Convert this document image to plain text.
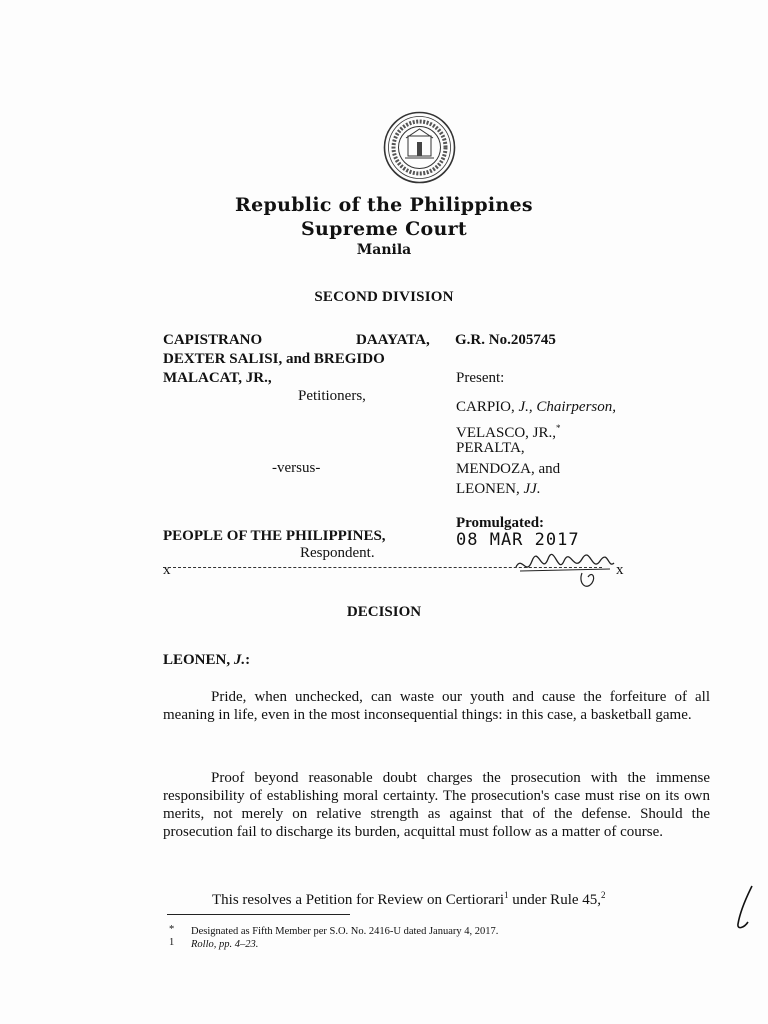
Republic of the Philippines
Supreme Court
Manila
SECOND DIVISION
CAPISTRANO	DAAYATA,
DEXTER SALISI, and BREGIDO
MALACAT, JR.,
Petitioners,
-versus-
PEOPLE OF THE PHILIPPINES,
Respondent.
G.R. No.205745
Present:
CARPIO, J., Chairperson,
VELASCO, JR.,*
PERALTA,
MENDOZA, and
LEONEN, JJ.
Promulgated:
08 MAR 2017
x	x
DECISION
LEONEN, J.:
Pride, when unchecked, can waste our youth and cause the forfeiture of all meaning in life, even in the most inconsequential things: in this case, a basketball game.
Proof beyond reasonable doubt charges the prosecution with the immense responsibility of establishing moral certainty. The prosecution's case must rise on its own merits, not merely on relative strength as against that of the defense. Should the prosecution fail to discharge its burden, acquittal must follow as a matter of course.
This resolves a Petition for Review on Certiorari$^1$ under Rule 45,$^2$
* Designated as Fifth Member per S.O. No. 2416-U dated January 4, 2017.
1 Rollo, pp. 4–23.
